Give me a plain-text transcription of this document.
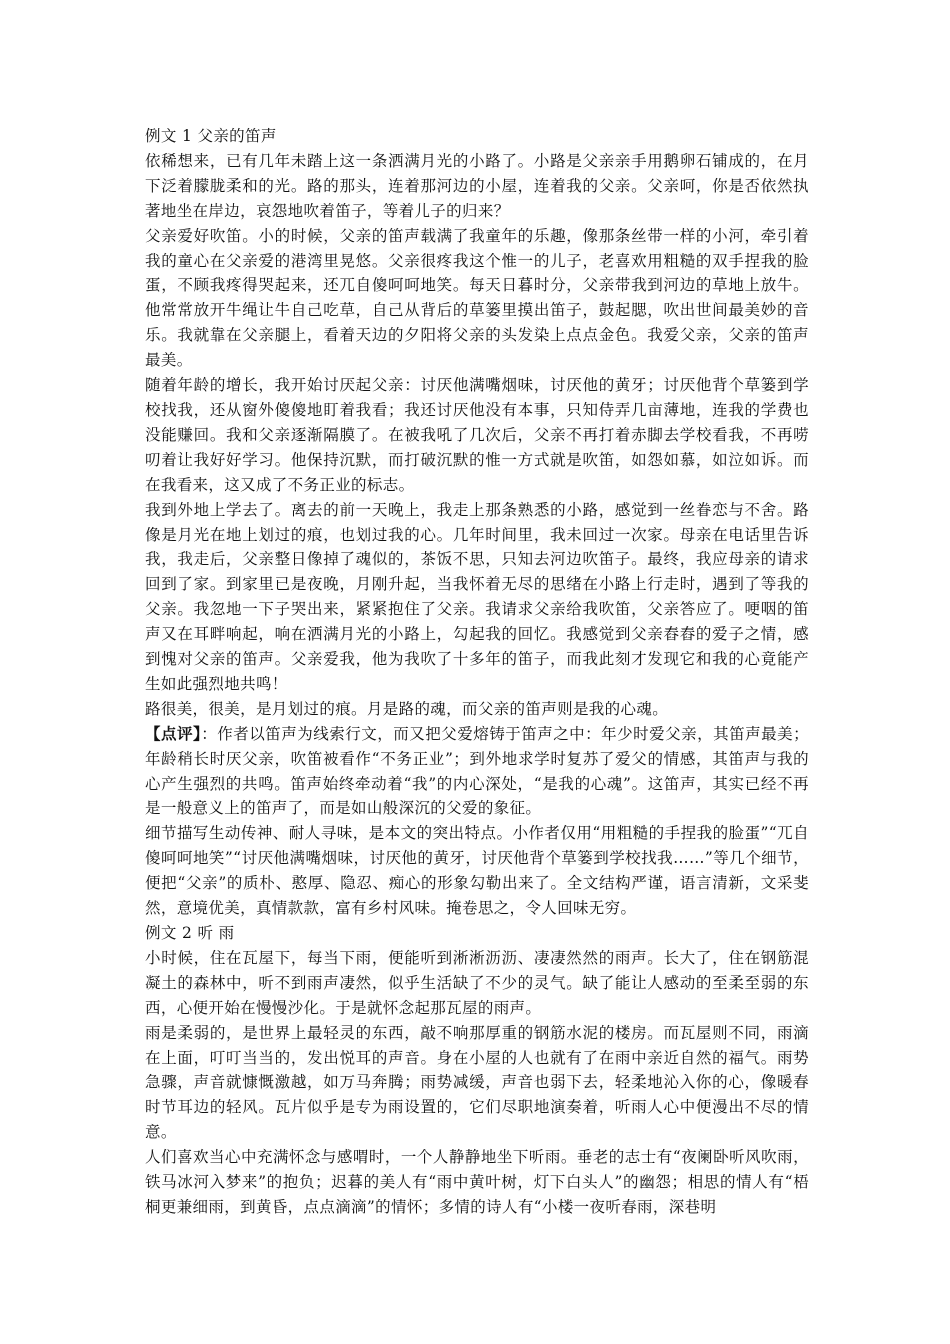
例文 1 父亲的笛声

依稀想来，已有几年未踏上这一条洒满月光的小路了。小路是父亲亲手用鹅卵石铺成的，在月下泛着朦胧柔和的光。路的那头，连着那河边的小屋，连着我的父亲。父亲呵，你是否依然执著地坐在岸边，哀怨地吹着笛子，等着儿子的归来？

父亲爱好吹笛。小的时候，父亲的笛声载满了我童年的乐趣，像那条丝带一样的小河，牵引着我的童心在父亲爱的港湾里晃悠。父亲很疼我这个惟一的儿子，老喜欢用粗糙的双手捏我的脸蛋，不顾我疼得哭起来，还兀自傻呵呵地笑。每天日暮时分，父亲带我到河边的草地上放牛。他常常放开牛绳让牛自己吃草，自己从背后的草篓里摸出笛子，鼓起腮，吹出世间最美妙的音乐。我就靠在父亲腿上，看着天边的夕阳将父亲的头发染上点点金色。我爱父亲，父亲的笛声最美。

随着年龄的增长，我开始讨厌起父亲：讨厌他满嘴烟味，讨厌他的黄牙；讨厌他背个草篓到学校找我，还从窗外傻傻地盯着我看；我还讨厌他没有本事，只知侍弄几亩薄地，连我的学费也没能赚回。我和父亲逐渐隔膜了。在被我吼了几次后，父亲不再打着赤脚去学校看我，不再唠叨着让我好好学习。他保持沉默，而打破沉默的惟一方式就是吹笛，如怨如慕，如泣如诉。而在我看来，这又成了不务正业的标志。

我到外地上学去了。离去的前一天晚上，我走上那条熟悉的小路，感觉到一丝眷恋与不舍。路像是月光在地上划过的痕，也划过我的心。几年时间里，我未回过一次家。母亲在电话里告诉我，我走后，父亲整日像掉了魂似的，茶饭不思，只知去河边吹笛子。最终，我应母亲的请求回到了家。到家里已是夜晚，月刚升起，当我怀着无尽的思绪在小路上行走时，遇到了等我的父亲。我忽地一下子哭出来，紧紧抱住了父亲。我请求父亲给我吹笛，父亲答应了。哽咽的笛声又在耳畔响起，响在洒满月光的小路上，勾起我的回忆。我感觉到父亲舂舂的爱子之情，感到愧对父亲的笛声。父亲爱我，他为我吹了十多年的笛子，而我此刻才发现它和我的心竟能产生如此强烈地共鸣！

路很美，很美，是月划过的痕。月是路的魂，而父亲的笛声则是我的心魂。

【点评】：作者以笛声为线索行文，而又把父爱熔铸于笛声之中：年少时爱父亲，其笛声最美；年龄稍长时厌父亲，吹笛被看作“不务正业”；到外地求学时复苏了爱父的情感，其笛声与我的心产生强烈的共鸣。笛声始终牵动着“我”的内心深处，“是我的心魂”。这笛声，其实已经不再是一般意义上的笛声了，而是如山般深沉的父爱的象征。

细节描写生动传神、耐人寻味，是本文的突出特点。小作者仅用“用粗糙的手捏我的脸蛋”“兀自傻呵呵地笑”“讨厌他满嘴烟味，讨厌他的黄牙，讨厌他背个草篓到学校找我……”等几个细节，便把“父亲”的质朴、憨厚、隐忍、痴心的形象勾勒出来了。全文结构严谨，语言清新，文采斐然，意境优美，真情款款，富有乡村风味。掩卷思之，令人回味无穷。

例文 2 听 雨

小时候，住在瓦屋下，每当下雨，便能听到淅淅沥沥、凄凄然然的雨声。长大了，住在钢筋混凝土的森林中，听不到雨声凄然，似乎生活缺了不少的灵气。缺了能让人感动的至柔至弱的东西，心便开始在慢慢沙化。于是就怀念起那瓦屋的雨声。

雨是柔弱的，是世界上最轻灵的东西，敲不响那厚重的钢筋水泥的楼房。而瓦屋则不同，雨滴在上面，叮叮当当的，发出悦耳的声音。身在小屋的人也就有了在雨中亲近自然的福气。雨势急骤，声音就慷慨激越，如万马奔腾；雨势减缓，声音也弱下去，轻柔地沁入你的心，像暖春时节耳边的轻风。瓦片似乎是专为雨设置的，它们尽职地演奏着，听雨人心中便漫出不尽的情意。

人们喜欢当心中充满怀念与感喟时，一个人静静地坐下听雨。垂老的志士有“夜阑卧听风吹雨，铁马冰河入梦来”的抱负；迟暮的美人有“雨中黄叶树，灯下白头人”的幽怨；相思的情人有“梧桐更兼细雨，到黄昏，点点滴滴”的情怀；多情的诗人有“小楼一夜听春雨，深巷明
